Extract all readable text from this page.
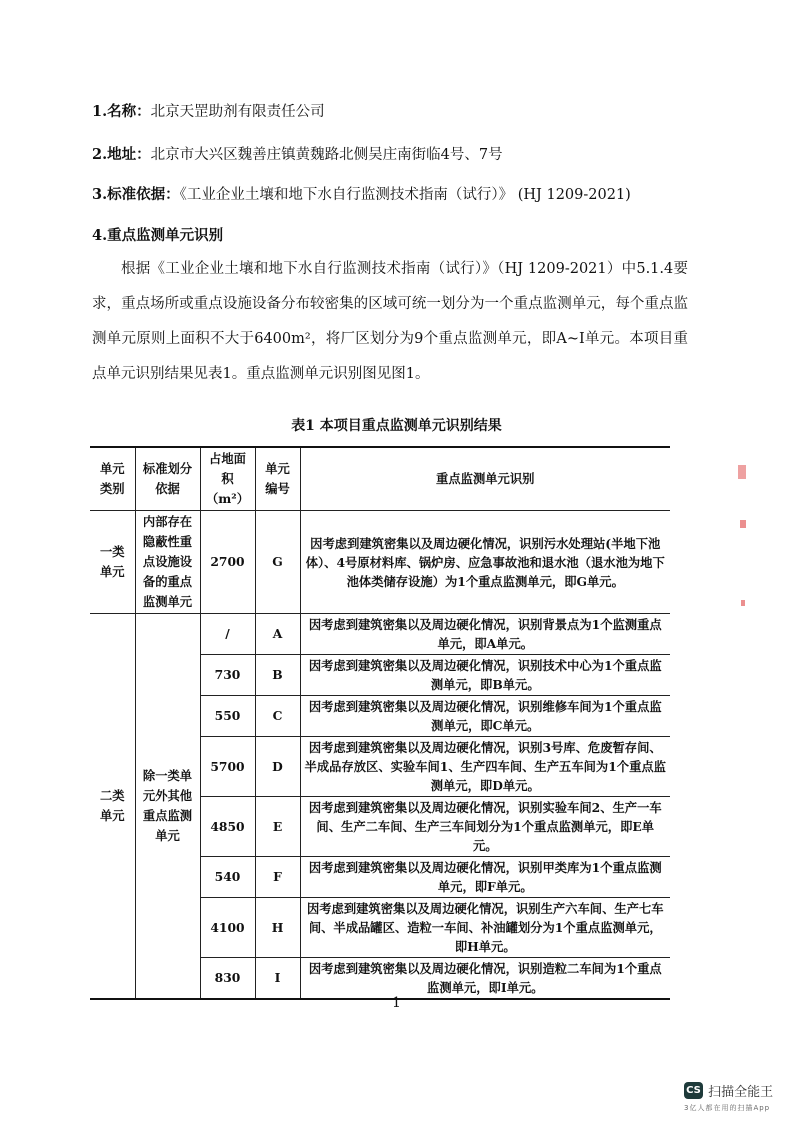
1.名称：北京天罡助剂有限责任公司
2.地址：北京市大兴区魏善庄镇黄魏路北侧吴庄南街临4号、7号
3.标准依据：《工业企业土壤和地下水自行监测技术指南（试行）》 (HJ 1209-2021)
4.重点监测单元识别
根据《工业企业土壤和地下水自行监测技术指南（试行）》（HJ 1209-2021）中5.1.4要求，重点场所或重点设施设备分布较密集的区域可统一划分为一个重点监测单元，每个重点监测单元原则上面积不大于6400m²，将厂区划分为9个重点监测单元，即A~I单元。本项目重点单元识别结果见表1。重点监测单元识别图见图1。
表1 本项目重点监测单元识别结果
单元类别	标准划分依据	占地面积（m²）	单元编号	重点监测单元识别
一类单元	内部存在隐蔽性重点设施设备的重点监测单元	2700	G	因考虑到建筑密集以及周边硬化情况，识别污水处理站(半地下池体）、4号原材料库、锅炉房、应急事故池和退水池（退水池为地下池体类储存设施）为1个重点监测单元，即G单元。
二类单元	除一类单元外其他重点监测单元	/	A	因考虑到建筑密集以及周边硬化情况，识别背景点为1个监测重点单元，即A单元。
		730	B	因考虑到建筑密集以及周边硬化情况，识别技术中心为1个重点监测单元，即B单元。
		550	C	因考虑到建筑密集以及周边硬化情况，识别维修车间为1个重点监测单元，即C单元。
		5700	D	因考虑到建筑密集以及周边硬化情况，识别3号库、危废暂存间、半成品存放区、实验车间1、生产四车间、生产五车间为1个重点监测单元，即D单元。
		4850	E	因考虑到建筑密集以及周边硬化情况，识别实验车间2、生产一车间、生产二车间、生产三车间划分为1个重点监测单元，即E单元。
		540	F	因考虑到建筑密集以及周边硬化情况，识别甲类库为1个重点监测单元，即F单元。
		4100	H	因考虑到建筑密集以及周边硬化情况，识别生产六车间、生产七车间、半成品罐区、造粒一车间、补油罐划分为1个重点监测单元，即H单元。
		830	I	因考虑到建筑密集以及周边硬化情况，识别造粒二车间为1个重点监测单元，即I单元。
1
CS 扫描全能王
3亿人都在用的扫描App
